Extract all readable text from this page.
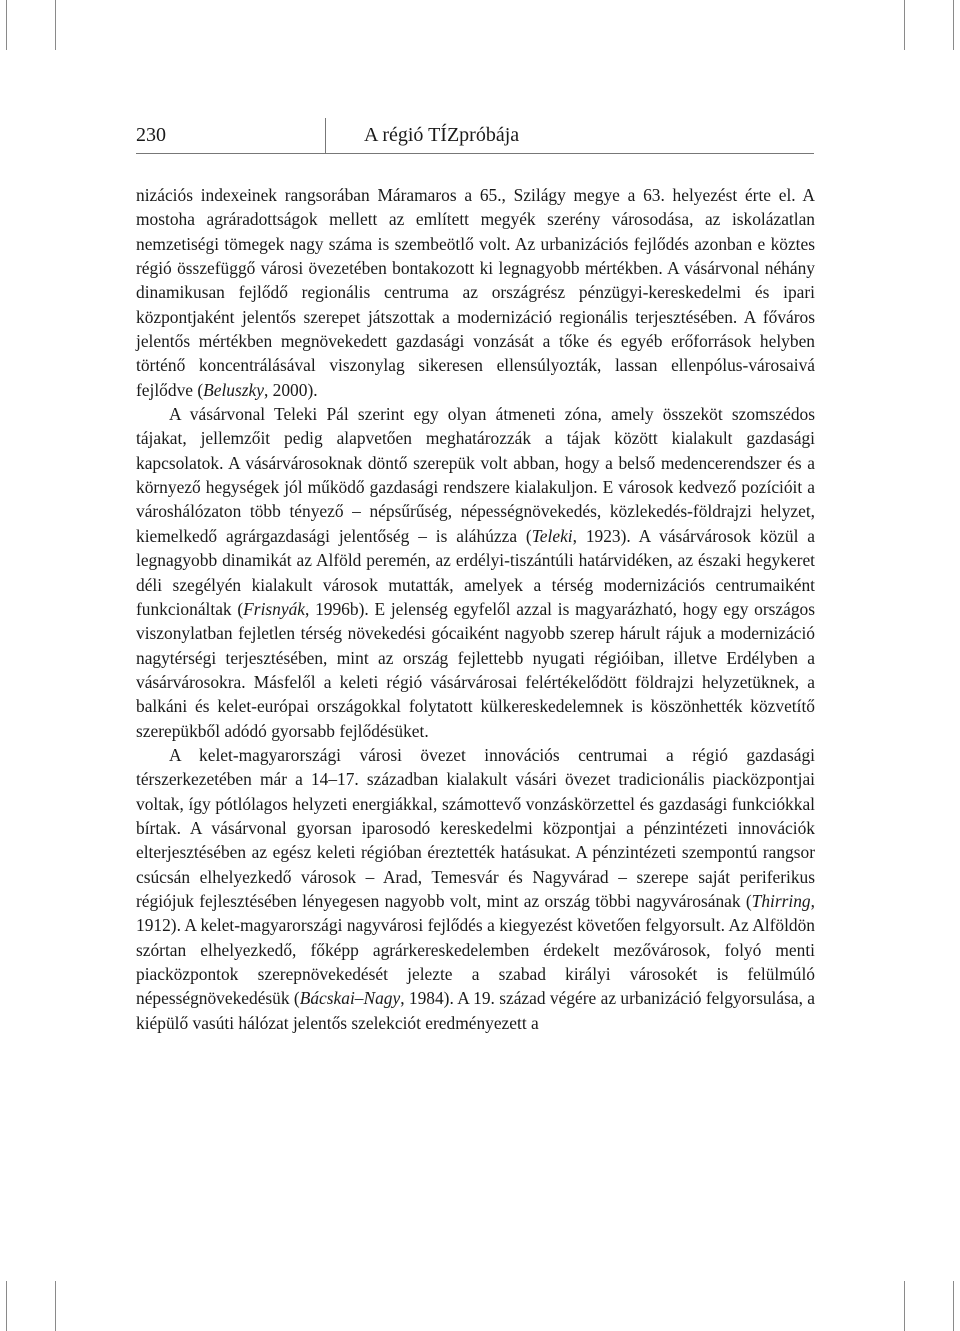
230	A régió TÍZpróbája

nizációs indexeinek rangsorában Máramaros a 65., Szilágy megye a 63. helyezést érte el. A mostoha agráradottságok mellett az említett megyék szerény városodása, az iskolázatlan nemzetiségi tömegek nagy száma is szembeötlő volt. Az urbanizációs fejlődés azonban e köztes régió összefüggő városi övezetében bontakozott ki legnagyobb mértékben. A vásárvonal néhány dinamikusan fejlődő regionális centruma az országrész pénzügyi-kereskedelmi és ipari központjaként jelentős szerepet játszottak a modernizáció regionális terjesztésében. A főváros jelentős mértékben megnövekedett gazdasági vonzását a tőke és egyéb erőforrások helyben történő koncentrálásával viszonylag sikeresen ellensúlyozták, lassan ellenpólus-városaivá fejlődve (Beluszky, 2000).

A vásárvonal Teleki Pál szerint egy olyan átmeneti zóna, amely összeköt szomszédos tájakat, jellemzőit pedig alapvetően meghatározzák a tájak között kialakult gazdasági kapcsolatok. A vásárvárosoknak döntő szerepük volt abban, hogy a belső medencerendszer és a környező hegységek jól működő gazdasági rendszere kialakuljon. E városok kedvező pozícióit a városhálózaton több tényező – népsűrűség, népességnövekedés, közlekedés-földrajzi helyzet, kiemelkedő agrárgazdasági jelentőség – is aláhúzza (Teleki, 1923). A vásárvárosok közül a legnagyobb dinamikát az Alföld peremén, az erdélyi-tiszántúli határvidéken, az északi hegykeret déli szegélyén kialakult városok mutatták, amelyek a térség modernizációs centrumaiként funkcionáltak (Frisnyák, 1996b). E jelenség egyfelől azzal is magyarázható, hogy egy országos viszonylatban fejletlen térség növekedési gócaiként nagyobb szerep hárult rájuk a modernizáció nagytérségi terjesztésében, mint az ország fejlettebb nyugati régióiban, illetve Erdélyben a vásárvárosokra. Másfelől a keleti régió vásárvárosai felértékelődött földrajzi helyzetüknek, a balkáni és kelet-európai országokkal folytatott külkereskedelemnek is köszönhették közvetítő szerepükből adódó gyorsabb fejlődésüket.

A kelet-magyarországi városi övezet innovációs centrumai a régió gazdasági térszerkezetében már a 14–17. században kialakult vásári övezet tradicionális piacközpontjai voltak, így pótlólagos helyzeti energiákkal, számottevő vonzáskörzettel és gazdasági funkciókkal bírtak. A vásárvonal gyorsan iparosodó kereskedelmi központjai a pénzintézeti innovációk elterjesztésében az egész keleti régióban éreztették hatásukat. A pénzintézeti szempontú rangsor csúcsán elhelyezkedő városok – Arad, Temesvár és Nagyvárad – szerepe saját periferikus régiójuk fejlesztésében lényegesen nagyobb volt, mint az ország többi nagyvárosának (Thirring, 1912). A kelet-magyarországi nagyvárosi fejlődés a kiegyezést követően felgyorsult. Az Alföldön szórtan elhelyezkedő, főképp agrárkereskedelemben érdekelt mezővárosok, folyó menti piacközpontok szerepnövekedését jelezte a szabad királyi városokét is felülmúló népességnövekedésük (Bácskai–Nagy, 1984). A 19. század végére az urbanizáció felgyorsulása, a kiépülő vasúti hálózat jelentős szelekciót eredményezett a
